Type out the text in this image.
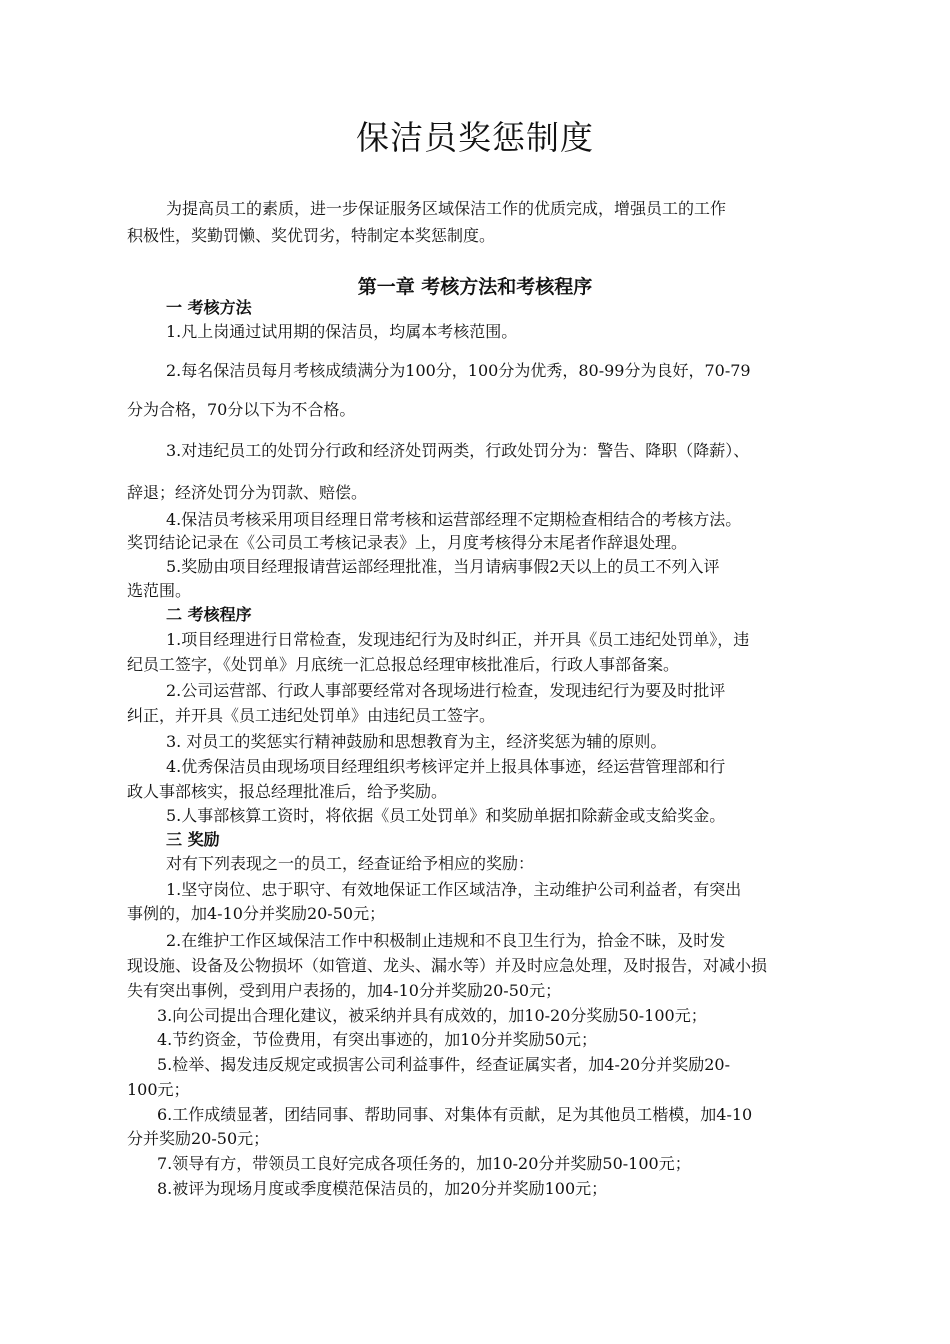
保洁员奖惩制度

为提高员工的素质，进一步保证服务区域保洁工作的优质完成，增强员工的工作

积极性，奖勤罚懒、奖优罚劣，特制定本奖惩制度。

第一章 考核方法和考核程序
一 考核方法

1.凡上岗通过试用期的保洁员，均属本考核范围。

2.每名保洁员每月考核成绩满分为100分，100分为优秀，80-99分为良好，70-79

分为合格，70分以下为不合格。

3.对违纪员工的处罚分行政和经济处罚两类，行政处罚分为：警告、降职（降薪）、

辞退；经济处罚分为罚款、赔偿。

4.保洁员考核采用项目经理日常考核和运营部经理不定期检查相结合的考核方法。

奖罚结论记录在《公司员工考核记录表》上，月度考核得分末尾者作辞退处理。

5.奖励由项目经理报请营运部经理批准，当月请病事假2天以上的员工不列入评

选范围。

二 考核程序

1.项目经理进行日常检查，发现违纪行为及时纠正，并开具《员工违纪处罚单》，违

纪员工签字，《处罚单》月底统一汇总报总经理审核批准后，行政人事部备案。

2.公司运营部、行政人事部要经常对各现场进行检查，发现违纪行为要及时批评

纠正，并开具《员工违纪处罚单》由违纪员工签字。

3. 对员工的奖惩实行精神鼓励和思想教育为主，经济奖惩为辅的原则。

4.优秀保洁员由现场项目经理组织考核评定并上报具体事迹，经运营管理部和行

政人事部核实，报总经理批准后，给予奖励。

5.人事部核算工资时，将依据《员工处罚单》和奖励单据扣除薪金或支給奖金。

三 奖励

对有下列表现之一的员工，经查证给予相应的奖励：

1.坚守岗位、忠于职守、有效地保证工作区域洁净，主动维护公司利益者，有突出

事例的，加4-10分并奖励20-50元；

2.在维护工作区域保洁工作中积极制止违规和不良卫生行为，拾金不昧，及时发

现设施、设备及公物损坏（如管道、龙头、漏水等）并及时应急处理，及时报告，对减小损

失有突出事例，受到用户表扬的，加4-10分并奖励20-50元；

3.向公司提出合理化建议，被采纳并具有成效的，加10-20分奖励50-100元；

4.节约资金，节俭费用，有突出事迹的，加10分并奖励50元；

5.检举、揭发违反规定或损害公司利益事件，经查证属实者，加4-20分并奖励20-

100元；

6.工作成绩显著，团结同事、帮助同事、对集体有贡献，足为其他员工楷模，加4-10

分并奖励20-50元；

7.领导有方，带领员工良好完成各项任务的，加10-20分并奖励50-100元；

8.被评为现场月度或季度模范保洁员的，加20分并奖励100元；
